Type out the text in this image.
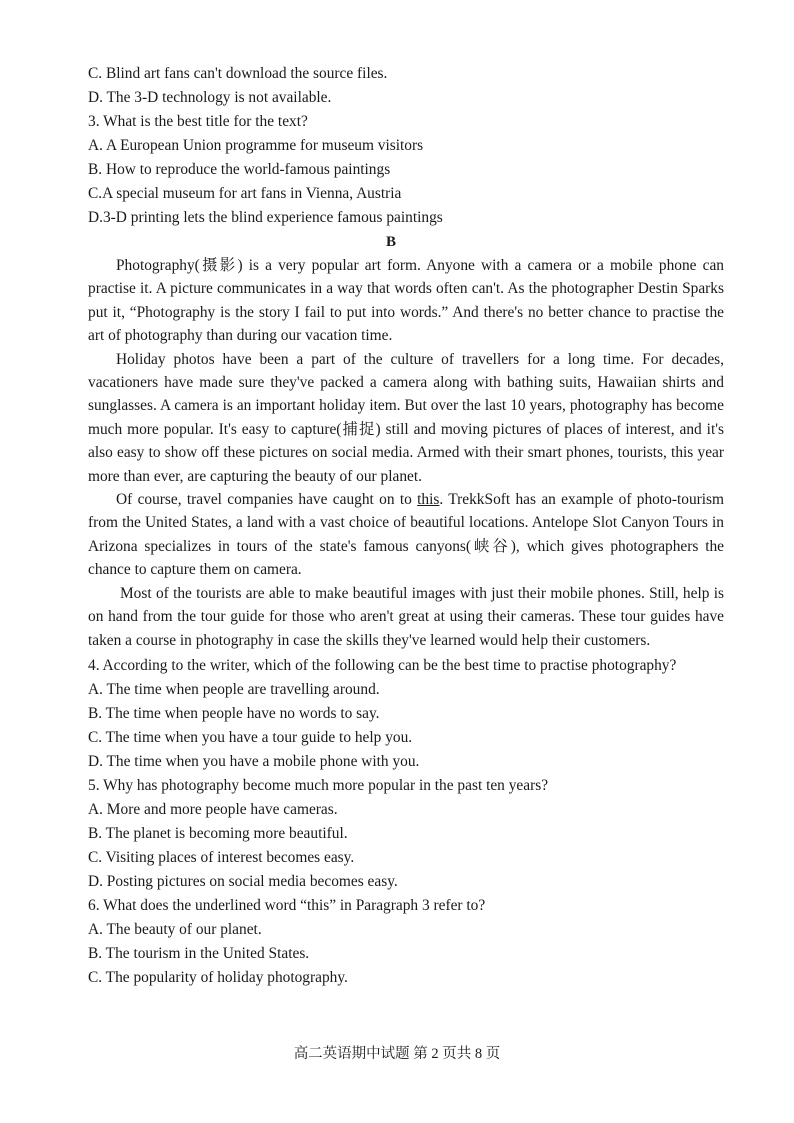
C. Blind art fans can't download the source files.

D. The 3-D technology is not available.

3. What is the best title for the text?

A. A European Union programme for museum visitors

B. How to reproduce the world-famous paintings

C.A special museum for art fans in Vienna, Austria

D.3-D printing lets the blind experience famous paintings

B

Photography(摄影) is a very popular art form. Anyone with a camera or a mobile phone can practise it. A picture communicates in a way that words often can't. As the photographer Destin Sparks put it, “Photography is the story I fail to put into words.” And there's no better chance to practise the art of photography than during our vacation time.

Holiday photos have been a part of the culture of travellers for a long time. For decades, vacationers have made sure they've packed a camera along with bathing suits, Hawaiian shirts and sunglasses. A camera is an important holiday item. But over the last 10 years, photography has become much more popular. It's easy to capture(捕捉) still and moving pictures of places of interest, and it's also easy to show off these pictures on social media. Armed with their smart phones, tourists, this year more than ever, are capturing the beauty of our planet.

Of course, travel companies have caught on to this. TrekkSoft has an example of photo-tourism from the United States, a land with a vast choice of beautiful locations. Antelope Slot Canyon Tours in Arizona specializes in tours of the state's famous canyons(峡谷), which gives photographers the chance to capture them on camera.

Most of the tourists are able to make beautiful images with just their mobile phones. Still, help is on hand from the tour guide for those who aren't great at using their cameras. These tour guides have taken a course in photography in case the skills they've learned would help their customers.

4. According to the writer, which of the following can be the best time to practise photography?

A. The time when people are travelling around.

B. The time when people have no words to say.

C. The time when you have a tour guide to help you.

D. The time when you have a mobile phone with you.

5. Why has photography become much more popular in the past ten years?

A. More and more people have cameras.

B. The planet is becoming more beautiful.

C. Visiting places of interest becomes easy.

D. Posting pictures on social media becomes easy.

6. What does the underlined word “this” in Paragraph 3 refer to?

A. The beauty of our planet.

B. The tourism in the United States.

C. The popularity of holiday photography.

高二英语期中试题 第 2 页共 8 页
